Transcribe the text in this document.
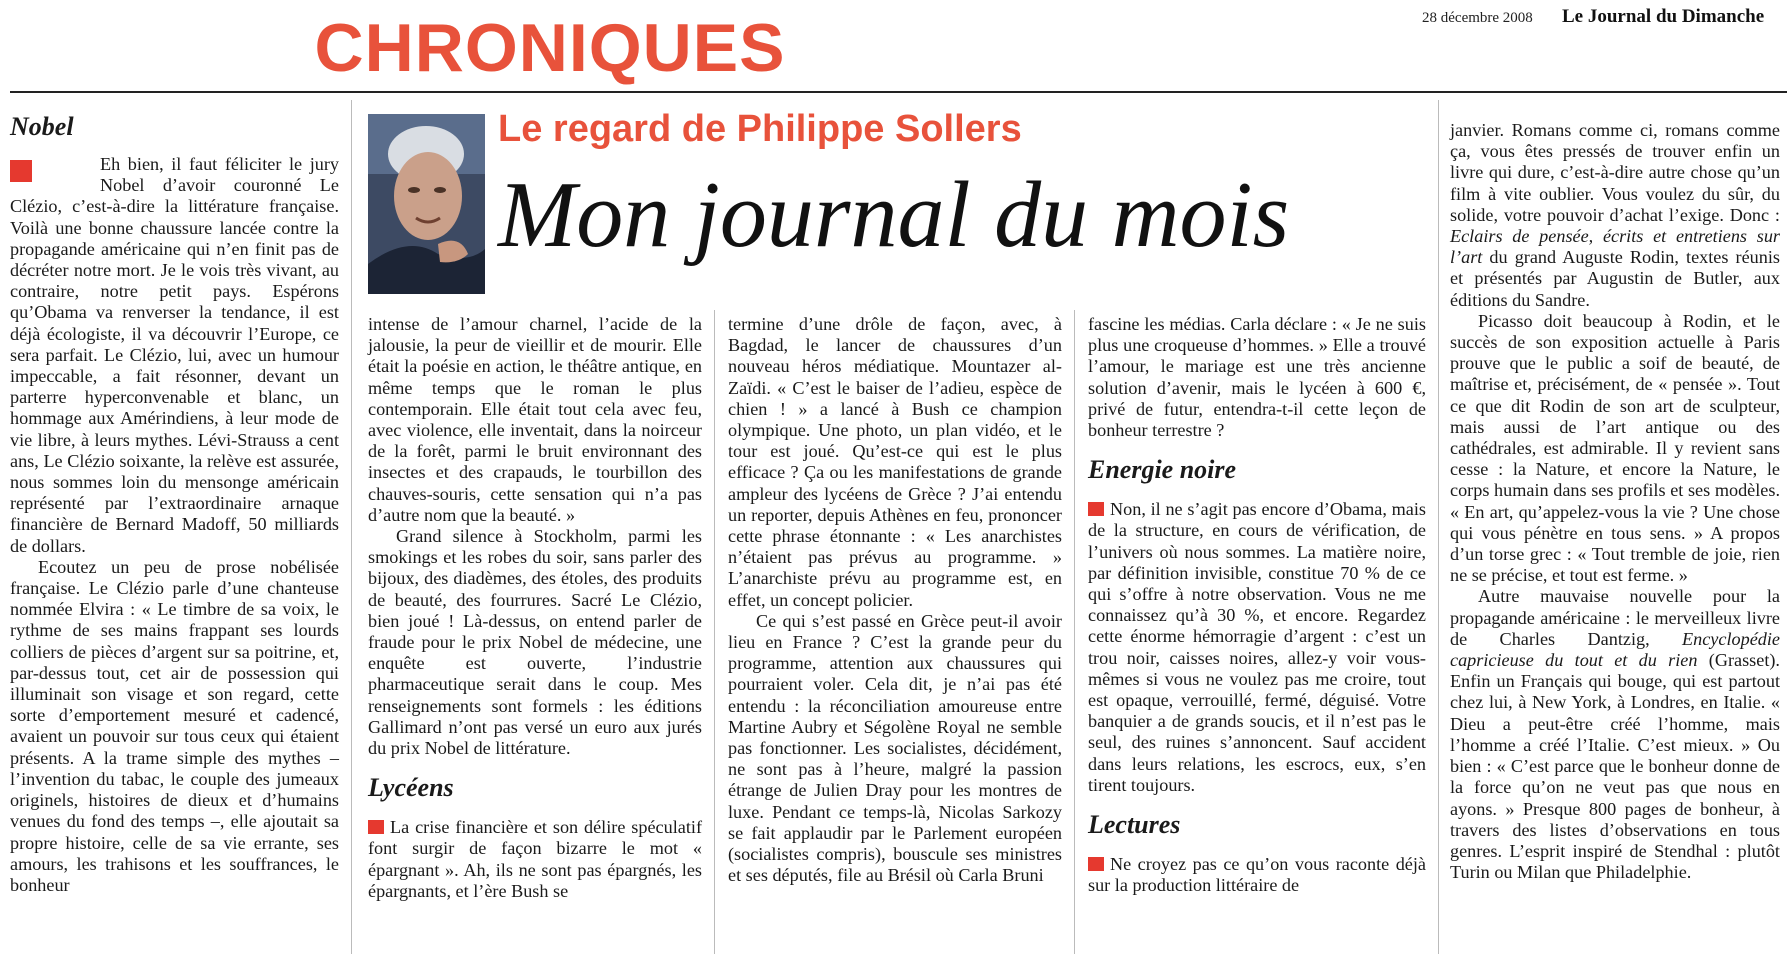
CHRONIQUES	28 décembre 2008 Le Journal du Dimanche
Le regard de Philippe Sollers
Mon journal du mois
Nobel

Eh bien, il faut féliciter le jury Nobel d’avoir couronné Le Clézio, c’est-à-dire la littérature française. Voilà une bonne chaussure lancée contre la propagande américaine qui n’en finit pas de décréter notre mort. Je le vois très vivant, au contraire, notre petit pays. Espérons qu’Obama va renverser la tendance, il est déjà écologiste, il va découvrir l’Europe, ce sera parfait. Le Clézio, lui, avec un humour impeccable, a fait résonner, devant un parterre hyperconvenable et blanc, un hommage aux Amérindiens, à leur mode de vie libre, à leurs mythes. Lévi-Strauss a cent ans, Le Clézio soixante, la relève est assurée, nous sommes loin du mensonge américain représenté par l’extraordinaire arnaque financière de Bernard Madoff, 50 milliards de dollars.

Ecoutez un peu de prose nobélisée française. Le Clézio parle d’une chanteuse nommée Elvira : « Le timbre de sa voix, le rythme de ses mains frappant ses lourds colliers de pièces d’argent sur sa poitrine, et, par-dessus tout, cet air de possession qui illuminait son visage et son regard, cette sorte d’emportement mesuré et cadencé, avaient un pouvoir sur tous ceux qui étaient présents. A la trame simple des mythes – l’invention du tabac, le couple des jumeaux originels, histoires de dieux et d’humains venues du fond des temps –, elle ajoutait sa propre histoire, celle de sa vie errante, ses amours, les trahisons et les souffrances, le bonheur

intense de l’amour charnel, l’acide de la jalousie, la peur de vieillir et de mourir. Elle était la poésie en action, le théâtre antique, en même temps que le roman le plus contemporain. Elle était tout cela avec feu, avec violence, elle inventait, dans la noirceur de la forêt, parmi le bruit environnant des insectes et des crapauds, le tourbillon des chauves-souris, cette sensation qui n’a pas d’autre nom que la beauté. »

Grand silence à Stockholm, parmi les smokings et les robes du soir, sans parler des bijoux, des diadèmes, des étoles, des produits de beauté, des fourrures. Sacré Le Clézio, bien joué ! Là-dessus, on entend parler de fraude pour le prix Nobel de médecine, une enquête est ouverte, l’industrie pharmaceutique serait dans le coup. Mes renseignements sont formels : les éditions Gallimard n’ont pas versé un euro aux jurés du prix Nobel de littérature.

Lycéens

La crise financière et son délire spéculatif font surgir de façon bizarre le mot « épargnant ». Ah, ils ne sont pas épargnés, les épargnants, et l’ère Bush se

termine d’une drôle de façon, avec, à Bagdad, le lancer de chaussures d’un nouveau héros médiatique. Mountazer al-Zaïdi. « C’est le baiser de l’adieu, espèce de chien ! » a lancé à Bush ce champion olympique. Une photo, un plan vidéo, et le tour est joué. Qu’est-ce qui est le plus efficace ? Ça ou les manifestations de grande ampleur des lycéens de Grèce ? J’ai entendu un reporter, depuis Athènes en feu, prononcer cette phrase étonnante : « Les anarchistes n’étaient pas prévus au programme. » L’anarchiste prévu au programme est, en effet, un concept policier.

Ce qui s’est passé en Grèce peut-il avoir lieu en France ? C’est la grande peur du programme, attention aux chaussures qui pourraient voler. Cela dit, je n’ai pas été entendu : la réconciliation amoureuse entre Martine Aubry et Ségolène Royal ne semble pas fonctionner. Les socialistes, décidément, ne sont pas à l’heure, malgré la passion étrange de Julien Dray pour les montres de luxe. Pendant ce temps-là, Nicolas Sarkozy se fait applaudir par le Parlement européen (socialistes compris), bouscule ses ministres et ses députés, file au Brésil où Carla Bruni

fascine les médias. Carla déclare : « Je ne suis plus une croqueuse d’hommes. » Elle a trouvé l’amour, le mariage est une très ancienne solution d’avenir, mais le lycéen à 600 €, privé de futur, entendra-t-il cette leçon de bonheur terrestre ?

Energie noire

Non, il ne s’agit pas encore d’Obama, mais de la structure, en cours de vérification, de l’univers où nous sommes. La matière noire, par définition invisible, constitue 70 % de ce qui s’offre à notre observation. Vous ne me connaissez qu’à 30 %, et encore. Regardez cette énorme hémorragie d’argent : c’est un trou noir, caisses noires, allez-y voir vous-mêmes si vous ne voulez pas me croire, tout est opaque, verrouillé, fermé, déguisé. Votre banquier a de grands soucis, et il n’est pas le seul, des ruines s’annoncent. Sauf accident dans leurs relations, les escrocs, eux, s’en tirent toujours.

Lectures

Ne croyez pas ce qu’on vous raconte déjà sur la production littéraire de

janvier. Romans comme ci, romans comme ça, vous êtes pressés de trouver enfin un livre qui dure, c’est-à-dire autre chose qu’un film à vite oublier. Vous voulez du sûr, du solide, votre pouvoir d’achat l’exige. Donc : Eclairs de pensée, écrits et entretiens sur l’art du grand Auguste Rodin, textes réunis et présentés par Augustin de Butler, aux éditions du Sandre.

Picasso doit beaucoup à Rodin, et le succès de son exposition actuelle à Paris prouve que le public a soif de beauté, de maîtrise et, précisément, de « pensée ». Tout ce que dit Rodin de son art de sculpteur, mais aussi de l’art antique ou des cathédrales, est admirable. Il y revient sans cesse : la Nature, et encore la Nature, le corps humain dans ses profils et ses modèles. « En art, qu’appelez-vous la vie ? Une chose qui vous pénètre en tous sens. » A propos d’un torse grec : « Tout tremble de joie, rien ne se précise, et tout est ferme. »

Autre mauvaise nouvelle pour la propagande américaine : le merveilleux livre de Charles Dantzig, Encyclopédie capricieuse du tout et du rien (Grasset). Enfin un Français qui bouge, qui est partout chez lui, à New York, à Londres, en Italie. « Dieu a peut-être créé l’homme, mais l’homme a créé l’Italie. C’est mieux. » Ou bien : « C’est parce que le bonheur donne de la force qu’on ne veut pas que nous en ayons. » Presque 800 pages de bonheur, à travers des listes d’observations en tous genres. L’esprit inspiré de Stendhal : plutôt Turin ou Milan que Philadelphie.
